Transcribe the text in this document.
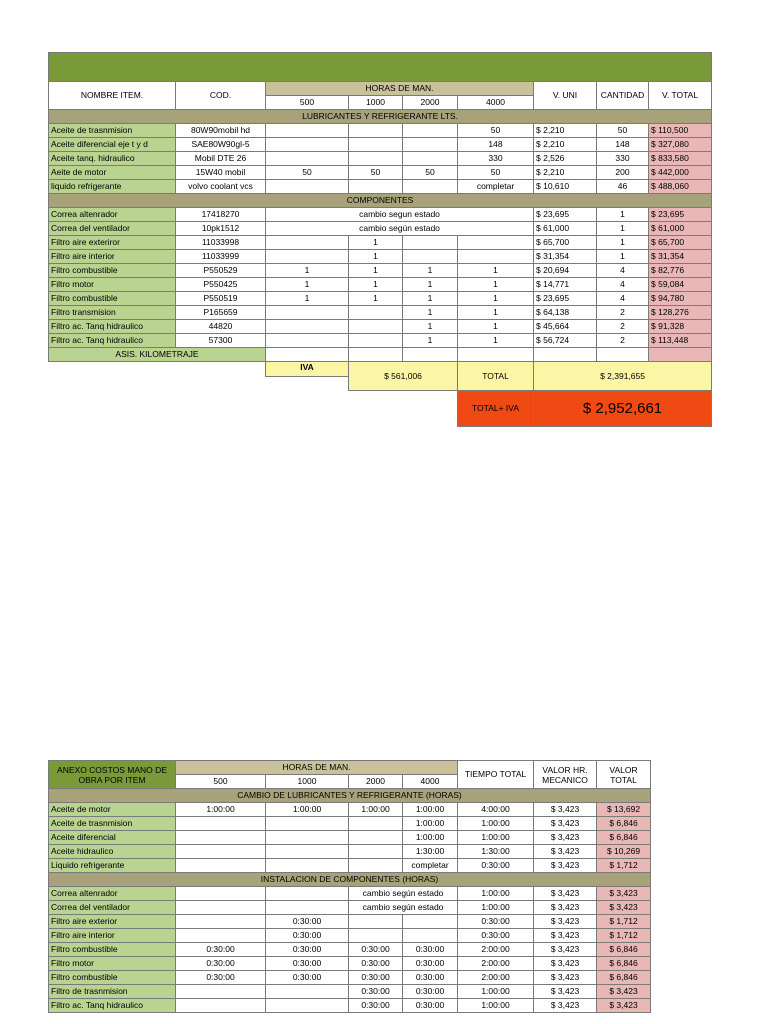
NOMBRE ITEM.	COD.	HORAS DE MAN.				V. UNI	CANTIDAD	V. TOTAL
		500	1000	2000	4000			
LUBRICANTES Y REFRIGERANTE LTS.								
Aceite de trasnmision	80W90mobil hd				50	$ 2,210	50	$ 110,500
Aceite diferencial eje t y d	SAE80W90gl-5				148	$ 2,210	148	$ 327,080
Aceite tanq. hidraulico	Mobil DTE 26				330	$ 2,526	330	$ 833,580
Aeite de motor	15W40 mobil	50	50	50	50	$ 2,210	200	$ 442,000
liquido refrigerante	volvo coolant vcs				completar	$ 10,610	46	$ 488,060
COMPONENTES								
Correa altenrador	17418270	cambio segun estado				$ 23,695	1	$ 23,695
Correa del ventilador	10pk1512	cambio según estado				$ 61,000	1	$ 61,000
Filtro aire exteriror	11033998		1			$ 65,700	1	$ 65,700
Filtro aire interior	11033999		1			$ 31,354	1	$ 31,354
Filtro combustible	P550529	1	1	1	1	$ 20,694	4	$ 82,776
Filtro motor	P550425	1	1	1	1	$ 14,771	4	$ 59,084
Filtro combustible	P550519	1	1	1	1	$ 23,695	4	$ 94,780
Filtro transmision	P165659			1	1	$ 64,138	2	$ 128,276
Filtro ac. Tanq hidraulico	44820			1	1	$ 45,664	2	$ 91,328
Filtro ac. Tanq hidraulico	57300			1	1	$ 56,724	2	$ 113,448
ASIS. KILOMETRAJE								
		IVA	$ 561,006		TOTAL	$ 2,391,655		

					TOTAL+ IVA	$ 2,952,661		
ANEXO COSTOS MANO DE OBRA POR ITEM	HORAS DE MAN.				TIEMPO TOTAL	VALOR HR. MECANICO	VALOR TOTAL
	500	1000	2000	4000			
CAMBIO DE LUBRICANTES Y REFRIGERANTE (HORAS)							
Aceite de motor	1:00:00	1:00:00	1:00:00	1:00:00	4:00:00	$ 3,423	$ 13,692
Aceite de trasnmision				1:00:00	1:00:00	$ 3,423	$ 6,846
Aceite diferencial				1:00:00	1:00:00	$ 3,423	$ 6,846
Aceite hidraulico				1:30:00	1:30:00	$ 3,423	$ 10,269
Liquido refrigerante				completar	0:30:00	$ 3,423	$ 1,712
INSTALACION DE COMPONENTES (HORAS)							
Correa altenrador			cambio según estado		1:00:00	$ 3,423	$ 3,423
Correa del ventilador			cambio según estado		1:00:00	$ 3,423	$ 3,423
Filtro aire exterior		0:30:00			0:30:00	$ 3,423	$ 1,712
Filtro aire interior		0:30:00			0:30:00	$ 3,423	$ 1,712
Filtro combustible	0:30:00	0:30:00	0:30:00	0:30:00	2:00:00	$ 3,423	$ 6,846
Filtro motor	0:30:00	0:30:00	0:30:00	0:30:00	2:00:00	$ 3,423	$ 6,846
Filtro combustible	0:30:00	0:30:00	0:30:00	0:30:00	2:00:00	$ 3,423	$ 6,846
Filtro de trasnmision			0:30:00	0:30:00	1:00:00	$ 3,423	$ 3,423
Filtro ac. Tanq hidraulico			0:30:00	0:30:00	1:00:00	$ 3,423	$ 3,423
